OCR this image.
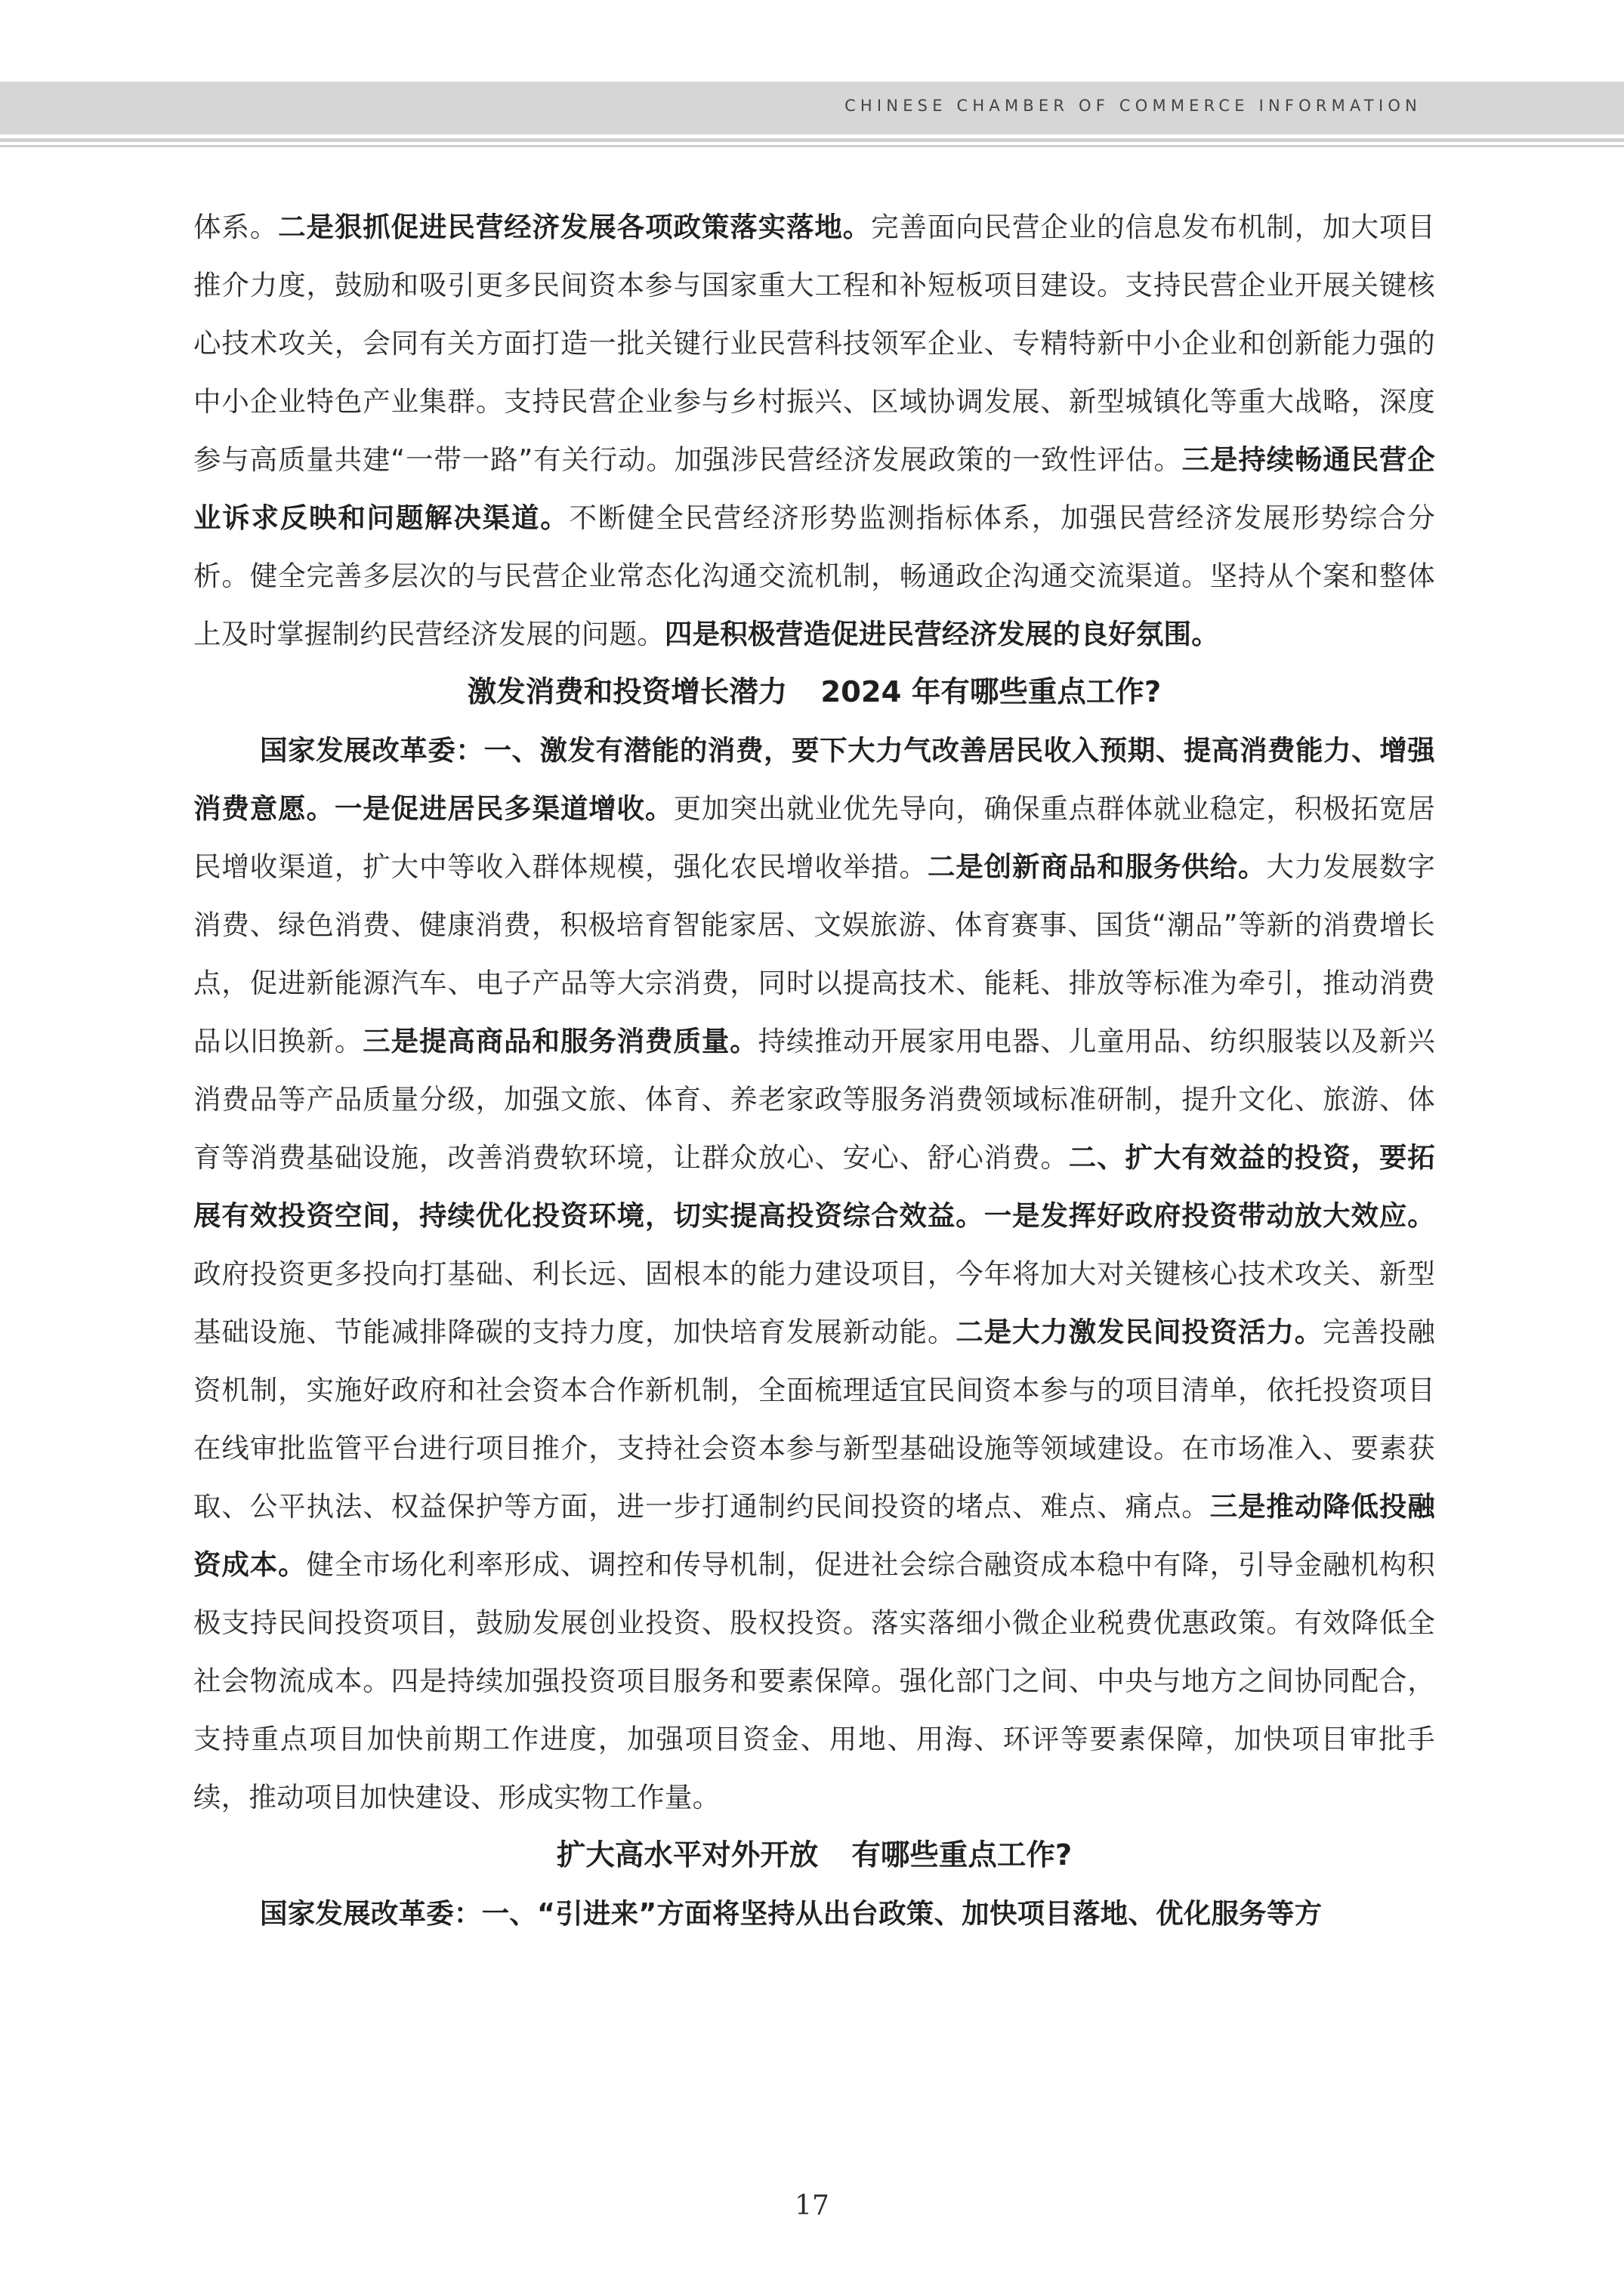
CHINESE CHAMBER OF COMMERCE INFORMATION

体系。二是狠抓促进民营经济发展各项政策落实落地。完善面向民营企业的信息发布机制，加大项目推介力度，鼓励和吸引更多民间资本参与国家重大工程和补短板项目建设。支持民营企业开展关键核心技术攻关，会同有关方面打造一批关键行业民营科技领军企业、专精特新中小企业和创新能力强的中小企业特色产业集群。支持民营企业参与乡村振兴、区域协调发展、新型城镇化等重大战略，深度参与高质量共建“一带一路”有关行动。加强涉民营经济发展政策的一致性评估。三是持续畅通民营企业诉求反映和问题解决渠道。不断健全民营经济形势监测指标体系，加强民营经济发展形势综合分析。健全完善多层次的与民营企业常态化沟通交流机制，畅通政企沟通交流渠道。坚持从个案和整体上及时掌握制约民营经济发展的问题。四是积极营造促进民营经济发展的良好氛围。

激发消费和投资增长潜力 2024 年有哪些重点工作?

国家发展改革委：一、激发有潜能的消费，要下大力气改善居民收入预期、提高消费能力、增强消费意愿。一是促进居民多渠道增收。更加突出就业优先导向，确保重点群体就业稳定，积极拓宽居民增收渠道，扩大中等收入群体规模，强化农民增收举措。二是创新商品和服务供给。大力发展数字消费、绿色消费、健康消费，积极培育智能家居、文娱旅游、体育赛事、国货“潮品”等新的消费增长点，促进新能源汽车、电子产品等大宗消费，同时以提高技术、能耗、排放等标准为牵引，推动消费品以旧换新。三是提高商品和服务消费质量。持续推动开展家用电器、儿童用品、纺织服装以及新兴消费品等产品质量分级，加强文旅、体育、养老家政等服务消费领域标准研制，提升文化、旅游、体育等消费基础设施，改善消费软环境，让群众放心、安心、舒心消费。二、扩大有效益的投资，要拓展有效投资空间，持续优化投资环境，切实提高投资综合效益。一是发挥好政府投资带动放大效应。政府投资更多投向打基础、利长远、固根本的能力建设项目，今年将加大对关键核心技术攻关、新型基础设施、节能减排降碳的支持力度，加快培育发展新动能。二是大力激发民间投资活力。完善投融资机制，实施好政府和社会资本合作新机制，全面梳理适宜民间资本参与的项目清单，依托投资项目在线审批监管平台进行项目推介，支持社会资本参与新型基础设施等领域建设。在市场准入、要素获取、公平执法、权益保护等方面，进一步打通制约民间投资的堵点、难点、痛点。三是推动降低投融资成本。健全市场化利率形成、调控和传导机制，促进社会综合融资成本稳中有降，引导金融机构积极支持民间投资项目，鼓励发展创业投资、股权投资。落实落细小微企业税费优惠政策。有效降低全社会物流成本。四是持续加强投资项目服务和要素保障。强化部门之间、中央与地方之间协同配合，支持重点项目加快前期工作进度，加强项目资金、用地、用海、环评等要素保障，加快项目审批手续，推动项目加快建设、形成实物工作量。

扩大高水平对外开放 有哪些重点工作?

国家发展改革委：一、“引进来”方面将坚持从出台政策、加快项目落地、优化服务等方

17
